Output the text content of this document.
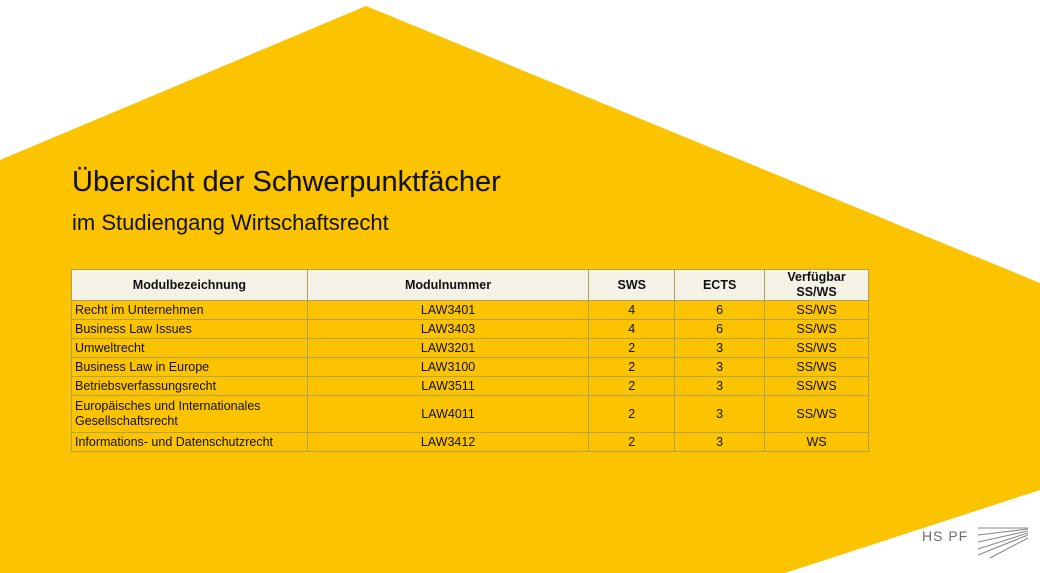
Übersicht der Schwerpunktfächer
im Studiengang Wirtschaftsrecht
Modulbezeichnung	Modulnummer	SWS	ECTS	Verfügbar SS/WS
Recht im Unternehmen	LAW3401	4	6	SS/WS
Business Law Issues	LAW3403	4	6	SS/WS
Umweltrecht	LAW3201	2	3	SS/WS
Business Law in Europe	LAW3100	2	3	SS/WS
Betriebsverfassungsrecht	LAW3511	2	3	SS/WS
Europäisches und Internationales Gesellschaftsrecht	LAW4011	2	3	SS/WS
Informations- und Datenschutzrecht	LAW3412	2	3	WS
HS PF
